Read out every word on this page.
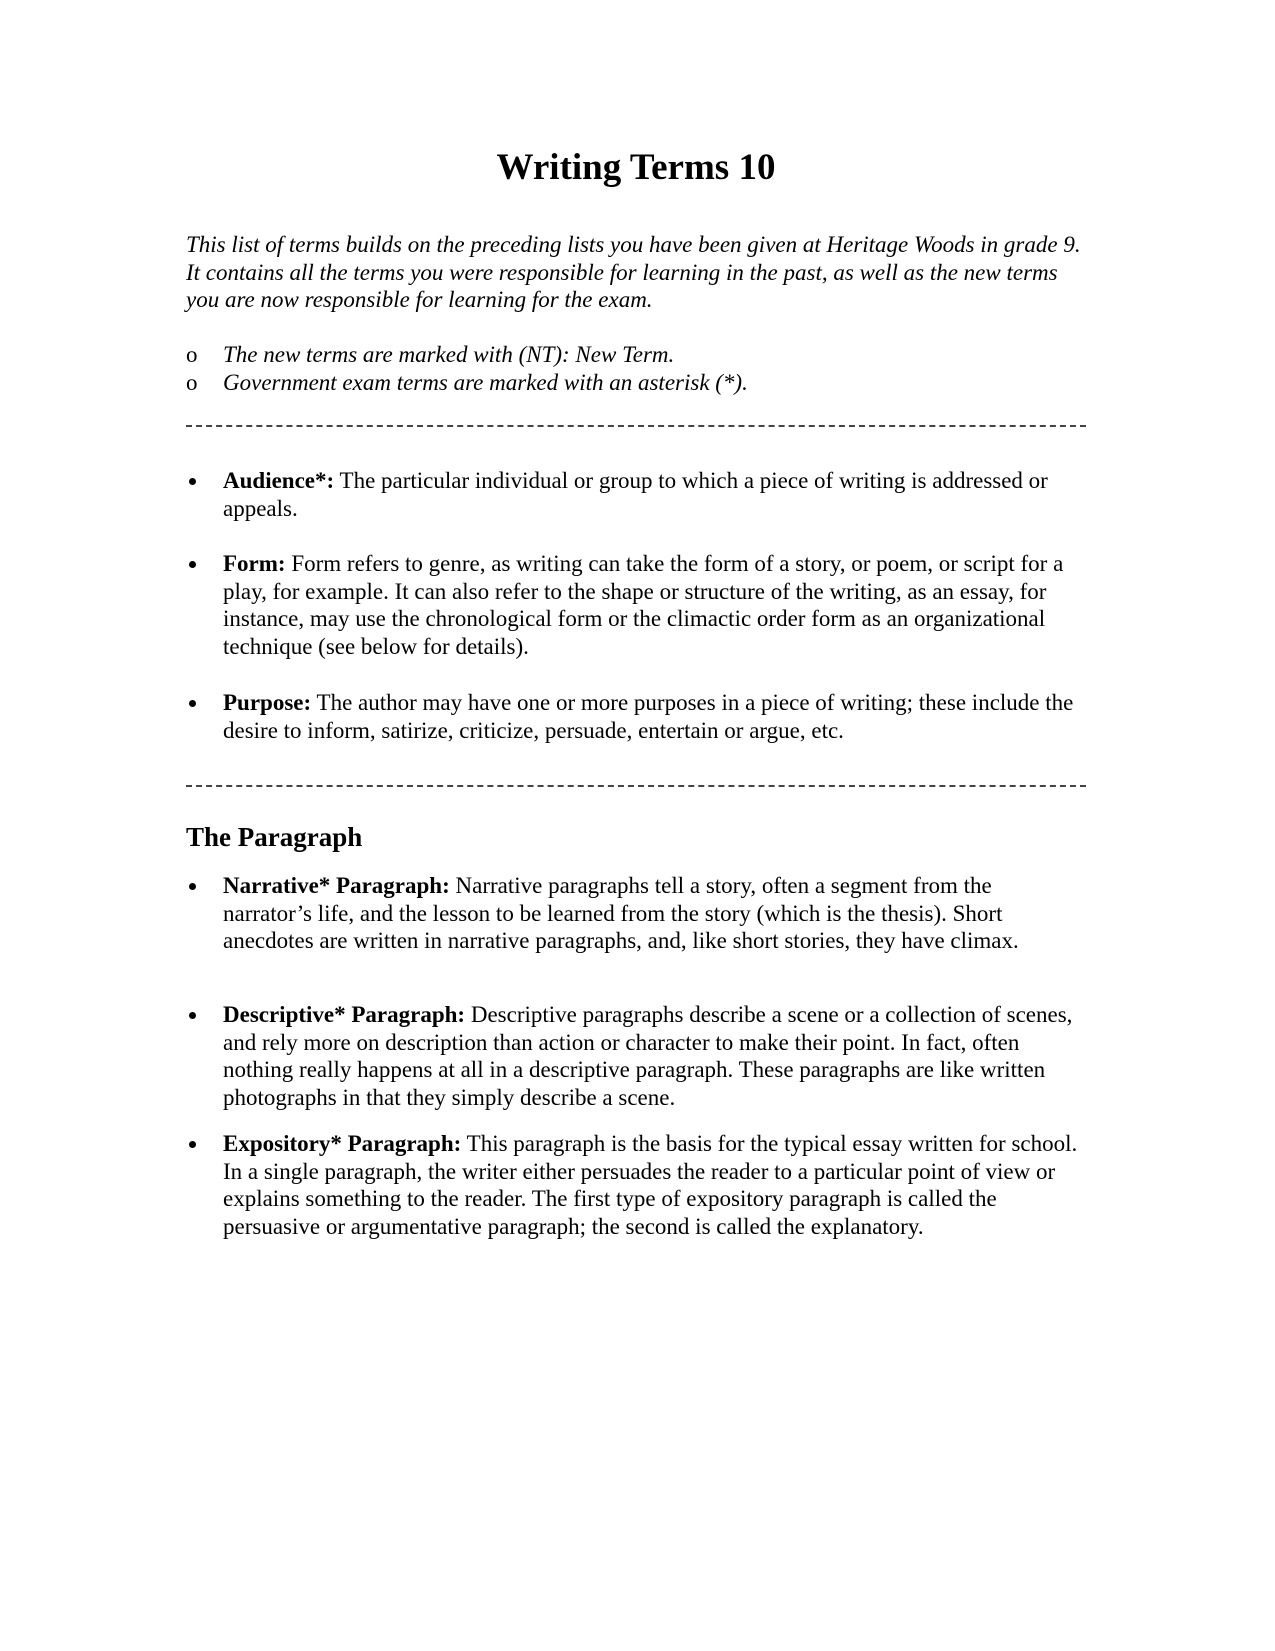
Writing Terms 10

This list of terms builds on the preceding lists you have been given at Heritage Woods in grade 9. It contains all the terms you were responsible for learning in the past, as well as the new terms you are now responsible for learning for the exam.

o The new terms are marked with (NT): New Term.
o Government exam terms are marked with an asterisk (*).
Audience*: The particular individual or group to which a piece of writing is addressed or appeals.
Form: Form refers to genre, as writing can take the form of a story, or poem, or script for a play, for example. It can also refer to the shape or structure of the writing, as an essay, for instance, may use the chronological form or the climactic order form as an organizational technique (see below for details).
Purpose: The author may have one or more purposes in a piece of writing; these include the desire to inform, satirize, criticize, persuade, entertain or argue, etc.
The Paragraph
Narrative* Paragraph: Narrative paragraphs tell a story, often a segment from the narrator’s life, and the lesson to be learned from the story (which is the thesis). Short anecdotes are written in narrative paragraphs, and, like short stories, they have climax.
Descriptive* Paragraph: Descriptive paragraphs describe a scene or a collection of scenes, and rely more on description than action or character to make their point. In fact, often nothing really happens at all in a descriptive paragraph. These paragraphs are like written photographs in that they simply describe a scene.
Expository* Paragraph: This paragraph is the basis for the typical essay written for school. In a single paragraph, the writer either persuades the reader to a particular point of view or explains something to the reader. The first type of expository paragraph is called the persuasive or argumentative paragraph; the second is called the explanatory.
